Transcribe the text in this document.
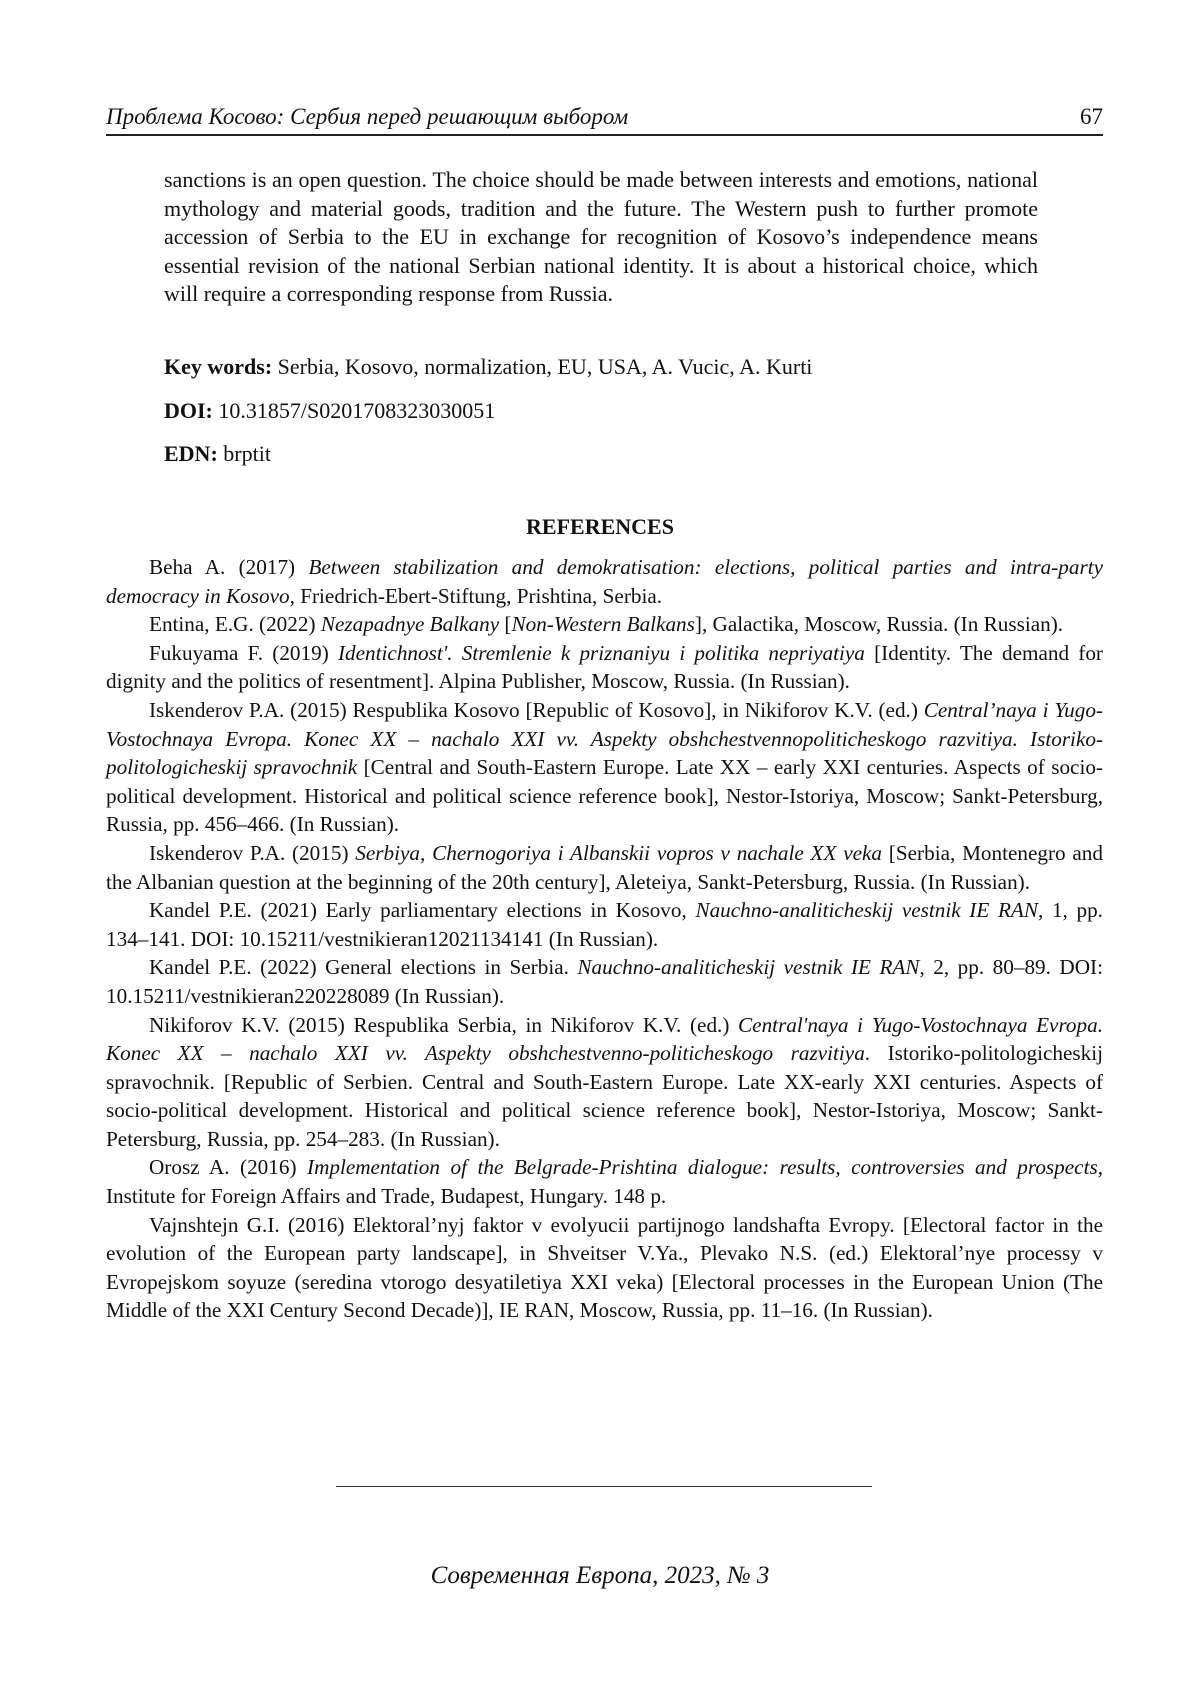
Проблема Косово: Сербия перед решающим выбором	67

sanctions is an open question. The choice should be made between interests and emotions, national mythology and material goods, tradition and the future. The Western push to further promote accession of Serbia to the EU in exchange for recognition of Kosovo’s independence means essential revision of the national Serbian national identity. It is about a historical choice, which will require a corresponding response from Russia.

Key words: Serbia, Kosovo, normalization, EU, USA, A. Vucic, A. Kurti

DOI: 10.31857/S0201708323030051

EDN: brptit

REFERENCES
Beha A. (2017) Between stabilization and demokratisation: elections, political parties and intra-party democracy in Kosovo, Friedrich-Ebert-Stiftung, Prishtina, Serbia.
Entina, E.G. (2022) Nezapadnye Balkany [Non-Western Balkans], Galactika, Moscow, Russia. (In Russian).
Fukuyama F. (2019) Identichnost'. Stremlenie k priznaniyu i politika nepriyatiya [Identity. The demand for dignity and the politics of resentment]. Alpina Publisher, Moscow, Russia. (In Russian).
Iskenderov P.A. (2015) Respublika Kosovo [Republic of Kosovo], in Nikiforov K.V. (ed.) Central’naya i Yugo-Vostochnaya Evropa. Konec XX – nachalo XXI vv. Aspekty obshchestvennopoliticheskogo razvitiya. Istoriko-politologicheskij spravochnik [Central and South-Eastern Europe. Late XX – early XXI centuries. Aspects of socio-political development. Historical and political science reference book], Nestor-Istoriya, Moscow; Sankt-Petersburg, Russia, pp. 456–466. (In Russian).
Iskenderov P.A. (2015) Serbiya, Chernogoriya i Albanskii vopros v nachale XX veka [Serbia, Montenegro and the Albanian question at the beginning of the 20th century], Aleteiya, Sankt-Petersburg, Russia. (In Russian).
Kandel P.E. (2021) Early parliamentary elections in Kosovo, Nauchno-analiticheskij vestnik IE RAN, 1, pp. 134–141. DOI: 10.15211/vestnikieran12021134141 (In Russian).
Kandel P.E. (2022) General elections in Serbia. Nauchno-analiticheskij vestnik IE RAN, 2, pp. 80–89. DOI: 10.15211/vestnikieran220228089 (In Russian).
Nikiforov K.V. (2015) Respublika Serbia, in Nikiforov K.V. (ed.) Central'naya i Yugo-Vostochnaya Evropa. Konec XX – nachalo XXI vv. Aspekty obshchestvenno-politicheskogo razvitiya. Istoriko-politologicheskij spravochnik. [Republic of Serbien. Central and South-Eastern Europe. Late XX-early XXI centuries. Aspects of socio-political development. Historical and political science reference book], Nestor-Istoriya, Moscow; Sankt-Petersburg, Russia, pp. 254–283. (In Russian).
Orosz A. (2016) Implementation of the Belgrade-Prishtina dialogue: results, controversies and prospects, Institute for Foreign Affairs and Trade, Budapest, Hungary. 148 p.
Vajnshtejn G.I. (2016) Elektoral’nyj faktor v evolyucii partijnogo landshafta Evropy. [Electoral factor in the evolution of the European party landscape], in Shveitser V.Ya., Plevako N.S. (ed.) Elektoral’nye processy v Evropejskom soyuze (seredina vtorogo desyatiletiya XXI veka) [Electoral processes in the European Union (The Middle of the XXI Century Second Decade)], IE RAN, Moscow, Russia, pp. 11–16. (In Russian).
Современная Европа, 2023, № 3
